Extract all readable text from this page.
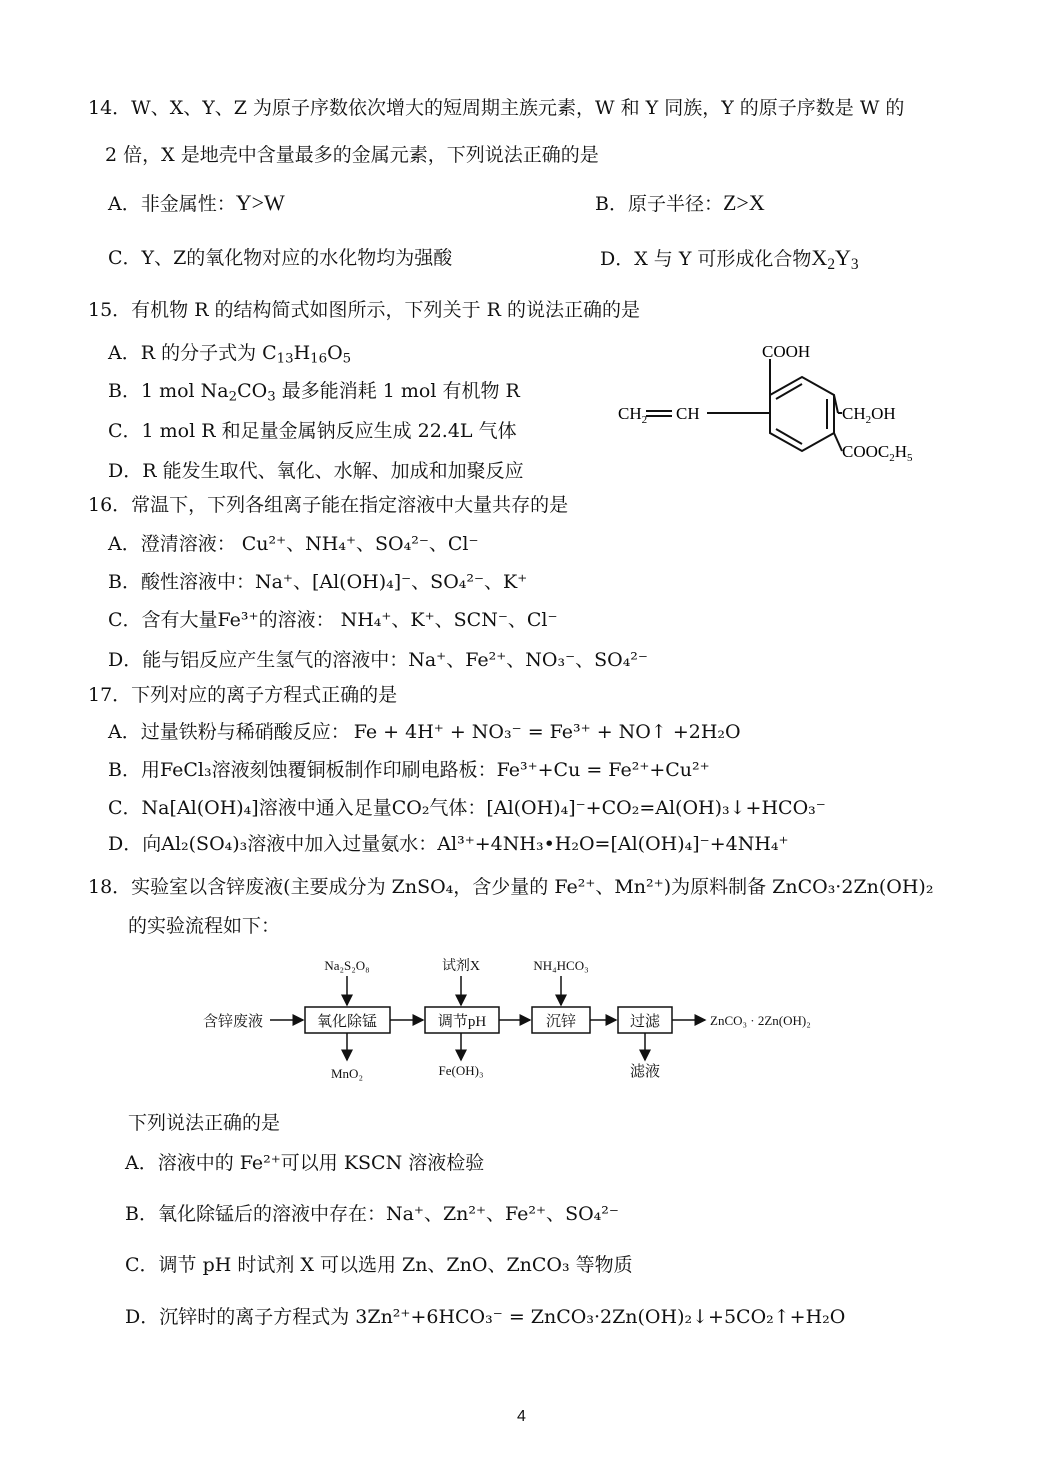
14．W、X、Y、Z 为原子序数依次增大的短周期主族元素，W 和 Y 同族，Y 的原子序数是 W 的
2 倍，X 是地壳中含量最多的金属元素，下列说法正确的是
A．非金属性：Y>W	B．原子半径：Z>X
C．Y、Z的氧化物对应的水化物均为强酸	D．X 与 Y 可形成化合物$X_2Y_3$
15．有机物 R 的结构简式如图所示，下列关于 R 的说法正确的是
A．R 的分子式为 $C_{13}H_{16}O_5$
B．1 mol $Na_2CO_3$ 最多能消耗 1 mol 有机物 R
C．1 mol R 和足量金属钠反应生成 22.4L 气体
D．R 能发生取代、氧化、水解、加成和加聚反应
COOH
$CH_2$ CH	$CH_2OH$
$COOC_2H_5$
16．常温下，下列各组离子能在指定溶液中大量共存的是
A．澄清溶液： Cu²⁺、NH₄⁺、SO₄²⁻、Cl⁻
B．酸性溶液中：Na⁺、[Al(OH)₄]⁻、SO₄²⁻、K⁺
C．含有大量Fe³⁺的溶液： NH₄⁺、K⁺、SCN⁻、Cl⁻
D．能与铝反应产生氢气的溶液中：Na⁺、Fe²⁺、NO₃⁻、SO₄²⁻
17．下列对应的离子方程式正确的是
A．过量铁粉与稀硝酸反应： Fe + 4H⁺ + NO₃⁻ = Fe³⁺ + NO↑ +2H₂O
B．用FeCl₃溶液刻蚀覆铜板制作印刷电路板：Fe³⁺+Cu = Fe²⁺+Cu²⁺
C．Na[Al(OH)₄]溶液中通入足量CO₂气体：[Al(OH)₄]⁻+CO₂=Al(OH)₃↓+HCO₃⁻
D．向Al₂(SO₄)₃溶液中加入过量氨水：Al³⁺+4NH₃•H₂O=[Al(OH)₄]⁻+4NH₄⁺
18．实验室以含锌废液(主要成分为 ZnSO₄，含少量的 Fe²⁺、Mn²⁺)为原料制备 ZnCO₃·2Zn(OH)₂
的实验流程如下：
含锌废液	氧化除锰	调节pH	沉锌	过滤
Na₂S₂O₈	试剂X	NH₄HCO₃
MnO₂	Fe(OH)₃	滤液
ZnCO₃ · 2Zn(OH)₂
下列说法正确的是
A．溶液中的 Fe²⁺可以用 KSCN 溶液检验
B．氧化除锰后的溶液中存在：Na⁺、Zn²⁺、Fe²⁺、SO₄²⁻
C．调节 pH 时试剂 X 可以选用 Zn、ZnO、ZnCO₃ 等物质
D．沉锌时的离子方程式为 3Zn²⁺+6HCO₃⁻ = ZnCO₃·2Zn(OH)₂↓+5CO₂↑+H₂O
4
